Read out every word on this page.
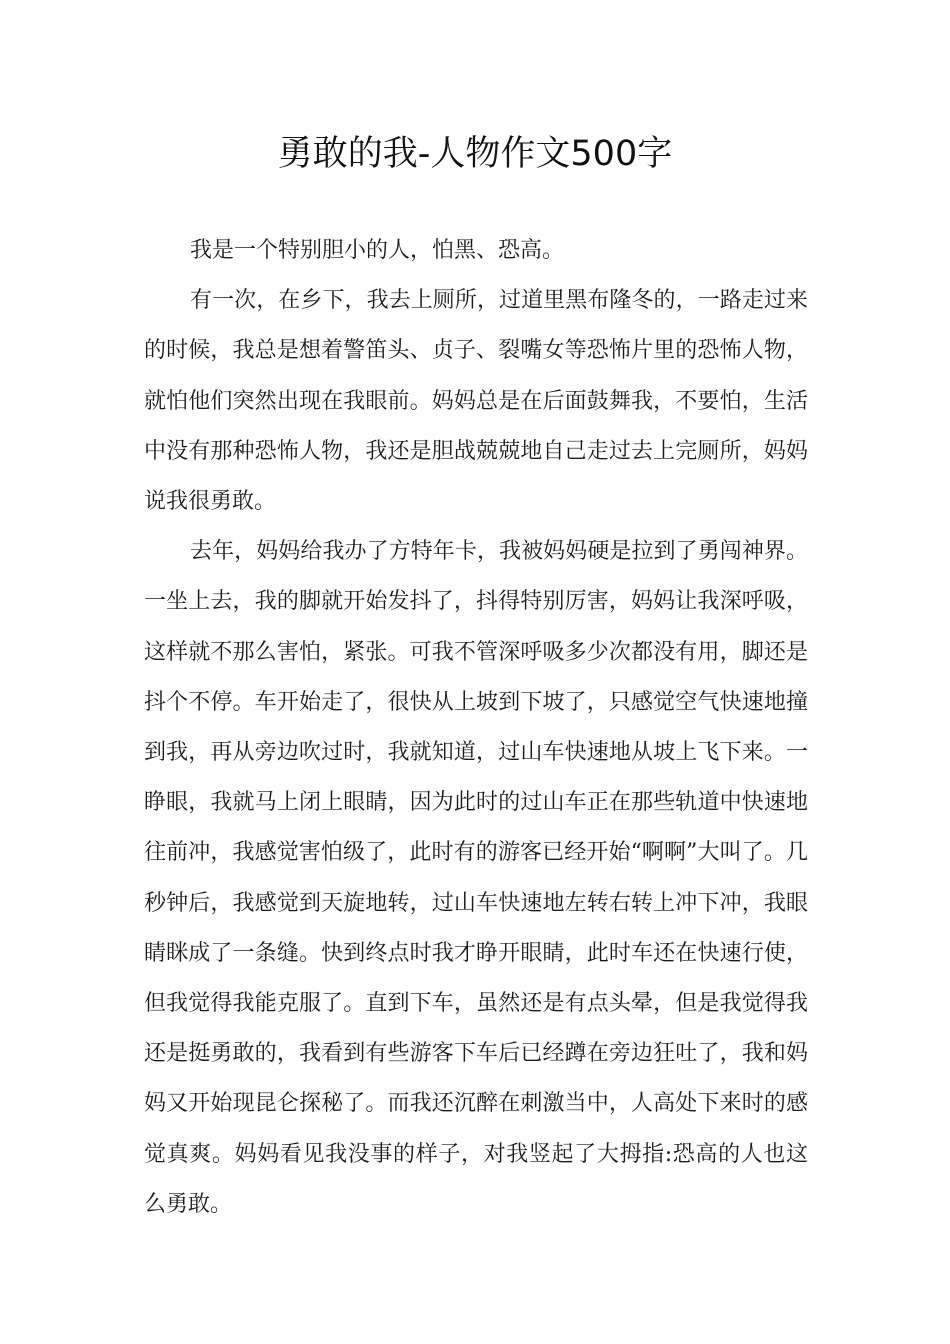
勇敢的我-人物作文500字

我是一个特别胆小的人，怕黑、恐高。

有一次，在乡下，我去上厕所，过道里黑布隆冬的，一路走过来的时候，我总是想着警笛头、贞子、裂嘴女等恐怖片里的恐怖人物，就怕他们突然出现在我眼前。妈妈总是在后面鼓舞我，不要怕，生活中没有那种恐怖人物，我还是胆战兢兢地自己走过去上完厕所，妈妈说我很勇敢。

去年，妈妈给我办了方特年卡，我被妈妈硬是拉到了勇闯神界。一坐上去，我的脚就开始发抖了，抖得特别厉害，妈妈让我深呼吸，这样就不那么害怕，紧张。可我不管深呼吸多少次都没有用，脚还是抖个不停。车开始走了，很快从上坡到下坡了，只感觉空气快速地撞到我，再从旁边吹过时，我就知道，过山车快速地从坡上飞下来。一睁眼，我就马上闭上眼睛，因为此时的过山车正在那些轨道中快速地往前冲，我感觉害怕级了，此时有的游客已经开始“啊啊”大叫了。几秒钟后，我感觉到天旋地转，过山车快速地左转右转上冲下冲，我眼睛眯成了一条缝。快到终点时我才睁开眼睛，此时车还在快速行使，但我觉得我能克服了。直到下车，虽然还是有点头晕，但是我觉得我还是挺勇敢的，我看到有些游客下车后已经蹲在旁边狂吐了，我和妈妈又开始现昆仑探秘了。而我还沉醉在刺激当中，人高处下来时的感觉真爽。妈妈看见我没事的样子，对我竖起了大拇指:恐高的人也这么勇敢。
